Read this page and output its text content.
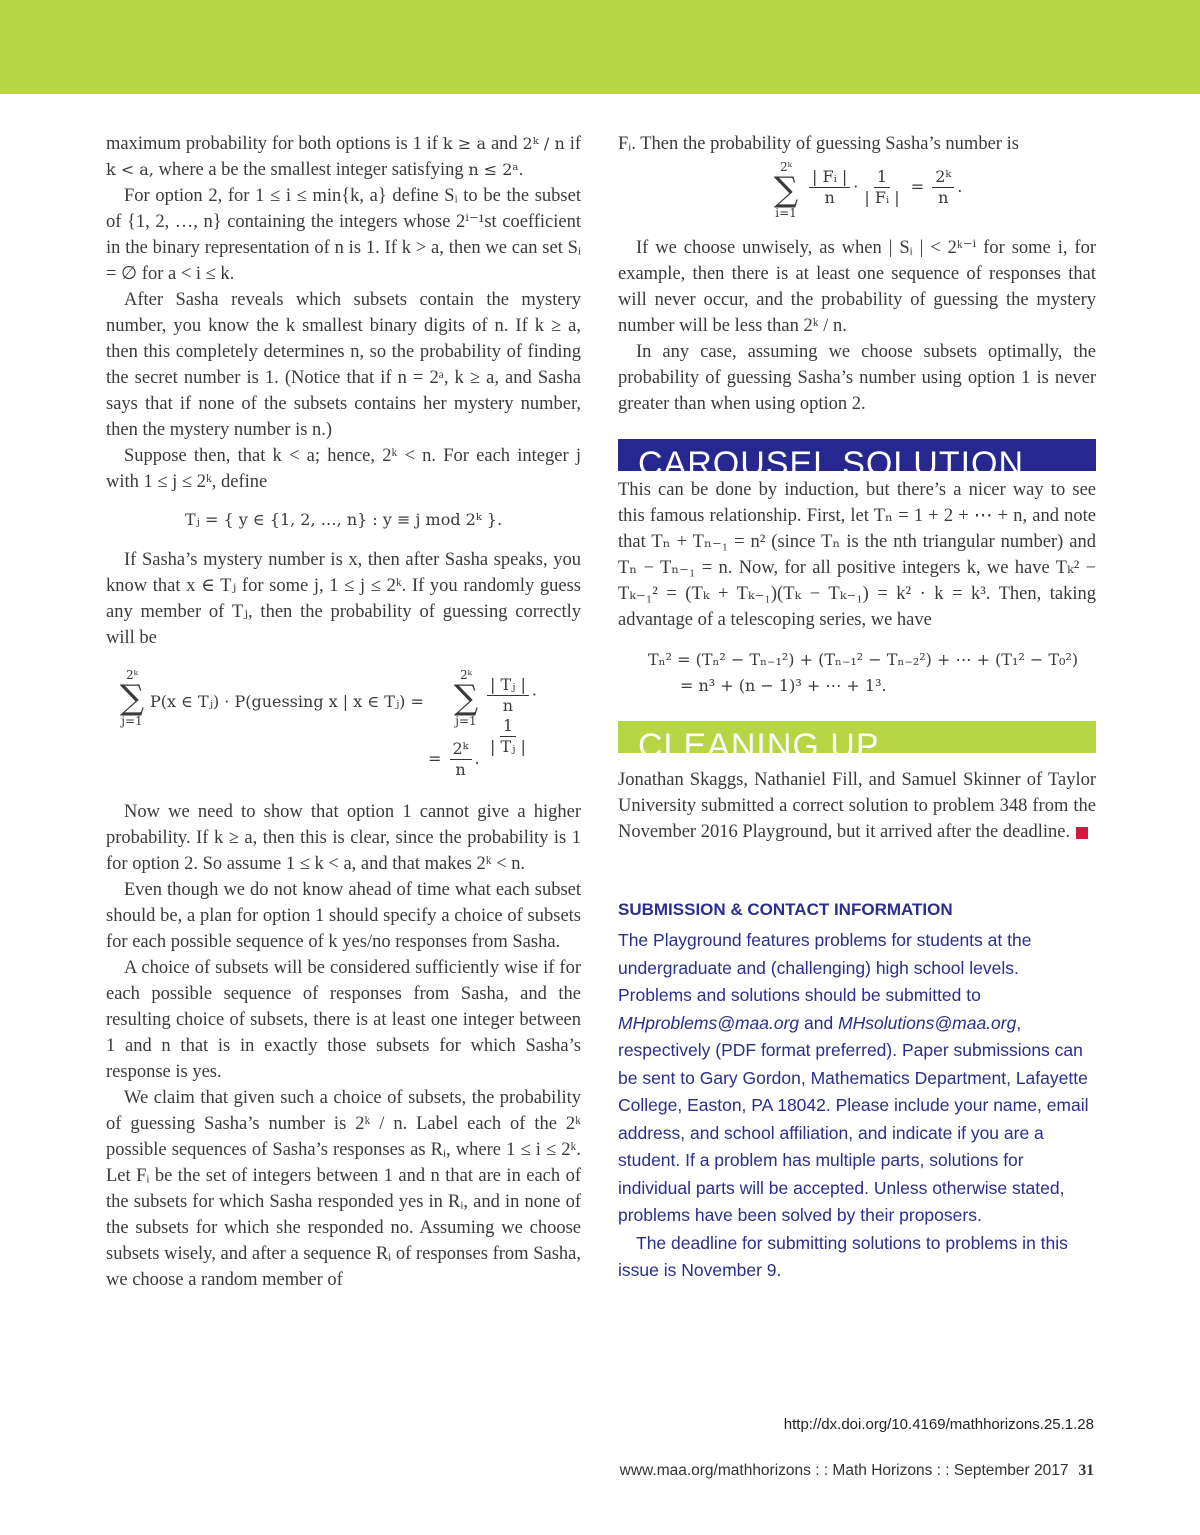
maximum probability for both options is 1 if k ≥ a and 2ᵏ / n if k < a, where a be the smallest integer satisfying n ≤ 2ᵃ.

For option 2, for 1 ≤ i ≤ min{k, a} define Sᵢ to be the subset of {1, 2, …, n} containing the integers whose 2ⁱ⁻¹st coefficient in the binary representation of n is 1. If k > a, then we can set Sᵢ = ∅ for a < i ≤ k.

After Sasha reveals which subsets contain the mystery number, you know the k smallest binary digits of n. If k ≥ a, then this completely determines n, so the probability of finding the secret number is 1. (Notice that if n = 2ᵃ, k ≥ a, and Sasha says that if none of the subsets contains her mystery number, then the mystery number is n.)

Suppose then, that k < a; hence, 2ᵏ < n. For each integer j with 1 ≤ j ≤ 2ᵏ, define

Tⱼ = { y ∈ {1, 2, …, n} : y ≡ j mod 2ᵏ }.

If Sasha’s mystery number is x, then after Sasha speaks, you know that x ∈ Tⱼ for some j, 1 ≤ j ≤ 2ᵏ. If you randomly guess any member of Tⱼ, then the probability of guessing correctly will be

2ᵏ
∑
j=1
P(x ∈ Tⱼ) · P(guessing x | x ∈ Tⱼ) =
2ᵏ
∑
j=1
$\frac{\text{| Tⱼ |}}{n}$ ·
$\frac{1}{\text{| Tⱼ |}}$
= $\frac{\text{2ᵏ}}{n}$ .

Now we need to show that option 1 cannot give a higher probability. If k ≥ a, then this is clear, since the probability is 1 for option 2. So assume 1 ≤ k < a, and that makes 2ᵏ < n.

Even though we do not know ahead of time what each subset should be, a plan for option 1 should specify a choice of subsets for each possible sequence of k yes/no responses from Sasha.

A choice of subsets will be considered sufficiently wise if for each possible sequence of responses from Sasha, and the resulting choice of subsets, there is at least one integer between 1 and n that is in exactly those subsets for which Sasha’s response is yes.

We claim that given such a choice of subsets, the probability of guessing Sasha’s number is 2ᵏ / n. Label each of the 2ᵏ possible sequences of Sasha’s responses as Rᵢ, where 1 ≤ i ≤ 2ᵏ. Let Fᵢ be the set of integers between 1 and n that are in each of the subsets for which Sasha responded yes in Rᵢ, and in none of the subsets for which she responded no. Assuming we choose subsets wisely, and after a sequence Rᵢ of responses from Sasha, we choose a random member of

Fᵢ. Then the probability of guessing Sasha’s number is

2ᵏ
∑
i=1
$\frac{\text{| Fᵢ |}}{n} \cdot \frac{1}{\text{| Fᵢ |}} = \frac{\text{2ᵏ}}{n}$ .

If we choose unwisely, as when | Sᵢ | < 2ᵏ⁻ⁱ for some i, for example, then there is at least one sequence of responses that will never occur, and the probability of guessing the mystery number will be less than 2ᵏ / n.

In any case, assuming we choose subsets optimally, the probability of guessing Sasha’s number using option 1 is never greater than when using option 2.

CAROUSEL SOLUTION

This can be done by induction, but there’s a nicer way to see this famous relationship. First, let Tₙ = 1 + 2 + ⋯ + n, and note that Tₙ + Tₙ₋₁ = n² (since Tₙ is the nth triangular number) and Tₙ − Tₙ₋₁ = n. Now, for all positive integers k, we have Tₖ² − Tₖ₋₁² = (Tₖ + Tₖ₋₁)(Tₖ − Tₖ₋₁) = k² · k = k³. Then, taking advantage of a telescoping series, we have

Tₙ² = (Tₙ² − Tₙ₋₁²) + (Tₙ₋₁² − Tₙ₋₂²) + ⋯ + (T₁² − T₀²)
= n³ + (n − 1)³ + ⋯ + 1³.
CLEANING UP

Jonathan Skaggs, Nathaniel Fill, and Samuel Skinner of Taylor University submitted a correct solution to problem 348 from the November 2016 Playground, but it arrived after the deadline.

SUBMISSION & CONTACT INFORMATION

The Playground features problems for students at the undergraduate and (challenging) high school levels. Problems and solutions should be submitted to MHproblems@maa.org and MHsolutions@maa.org, respectively (PDF format preferred). Paper submissions can be sent to Gary Gordon, Mathematics Department, Lafayette College, Easton, PA 18042. Please include your name, email address, and school affiliation, and indicate if you are a student. If a problem has multiple parts, solutions for individual parts will be accepted. Unless otherwise stated, problems have been solved by their proposers.

The deadline for submitting solutions to problems in this issue is November 9.

http://dx.doi.org/10.4169/mathhorizons.25.1.28
www.maa.org/mathhorizons : : Math Horizons : : September 2017 31
